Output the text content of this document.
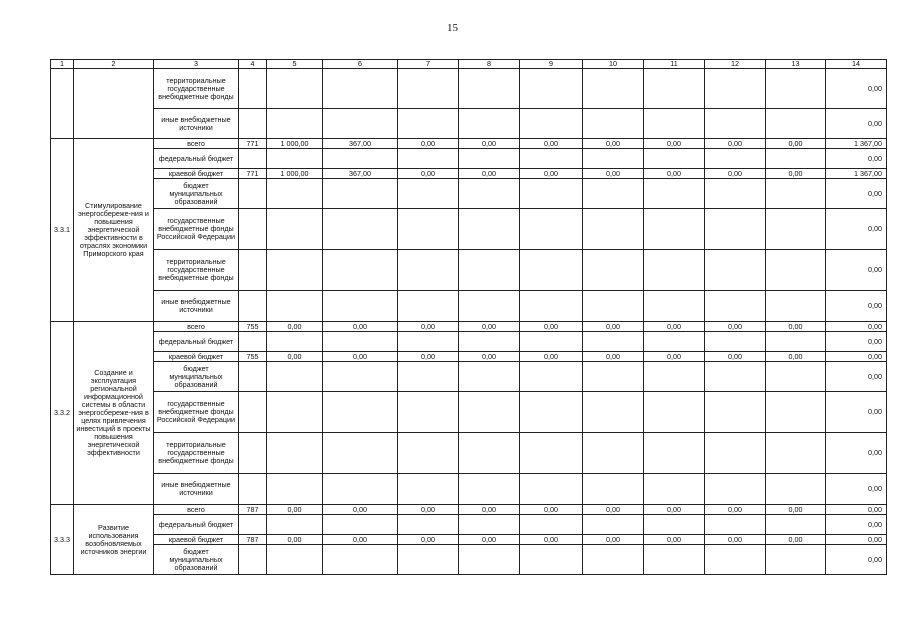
15
1	2	3	4	5	6	7	8	9	10	11	12	13	14
		территориальные государственные внебюджетные фонды											0,00
		иные внебюджетные источники											0,00
3.3.1	Стимулирование энергосбереже-ния и повышения энергетической эффективности в отраслях экономики Приморского края	всего	771	1 000,00	367,00	0,00	0,00	0,00	0,00	0,00	0,00	0,00	1 367,00
		федеральный бюджет											0,00
		краевой бюджет	771	1 000,00	367,00	0,00	0,00	0,00	0,00	0,00	0,00	0,00	1 367,00
		бюджет муниципальных образований											0,00
		государственные внебюджетные фонды Российской Федерации											0,00
		территориальные государственные внебюджетные фонды											0,00
		иные внебюджетные источники											0,00
3.3.2	Создание и эксплуатация региональной информационной системы в области энергосбереже-ния в целях привлечения инвестиций в проекты повышения энергетической эффективности	всего	755	0,00	0,00	0,00	0,00	0,00	0,00	0,00	0,00	0,00	0,00
		федеральный бюджет											0,00
		краевой бюджет	755	0,00	0,00	0,00	0,00	0,00	0,00	0,00	0,00	0,00	0,00
		бюджет муниципальных образований											0,00
		государственные внебюджетные фонды Российской Федерации											0,00
		территориальные государственные внебюджетные фонды											0,00
		иные внебюджетные источники											0,00
3.3.3	Развитие использования возобновляемых источников энергии	всего	787	0,00	0,00	0,00	0,00	0,00	0,00	0,00	0,00	0,00	0,00
		федеральный бюджет											0,00
		краевой бюджет	787	0,00	0,00	0,00	0,00	0,00	0,00	0,00	0,00	0,00	0,00
		бюджет муниципальных образований											0,00
